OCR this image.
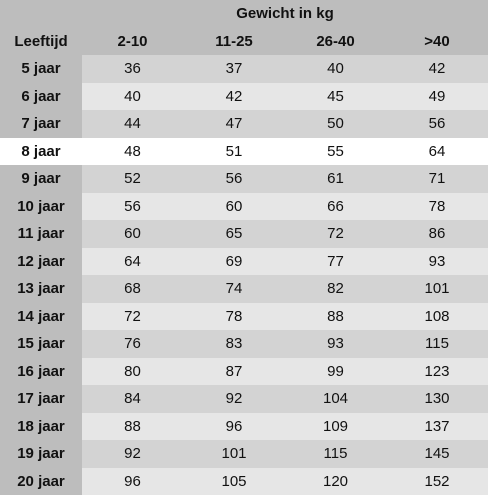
Gewicht in kg
Leeftijd	2-10	11-25	26-40	>40
5 jaar	36	37	40	42
6 jaar	40	42	45	49
7 jaar	44	47	50	56
8 jaar	48	51	55	64
9 jaar	52	56	61	71
10 jaar	56	60	66	78
11 jaar	60	65	72	86
12 jaar	64	69	77	93
13 jaar	68	74	82	101
14 jaar	72	78	88	108
15 jaar	76	83	93	115
16 jaar	80	87	99	123
17 jaar	84	92	104	130
18 jaar	88	96	109	137
19 jaar	92	101	115	145
20 jaar	96	105	120	152
